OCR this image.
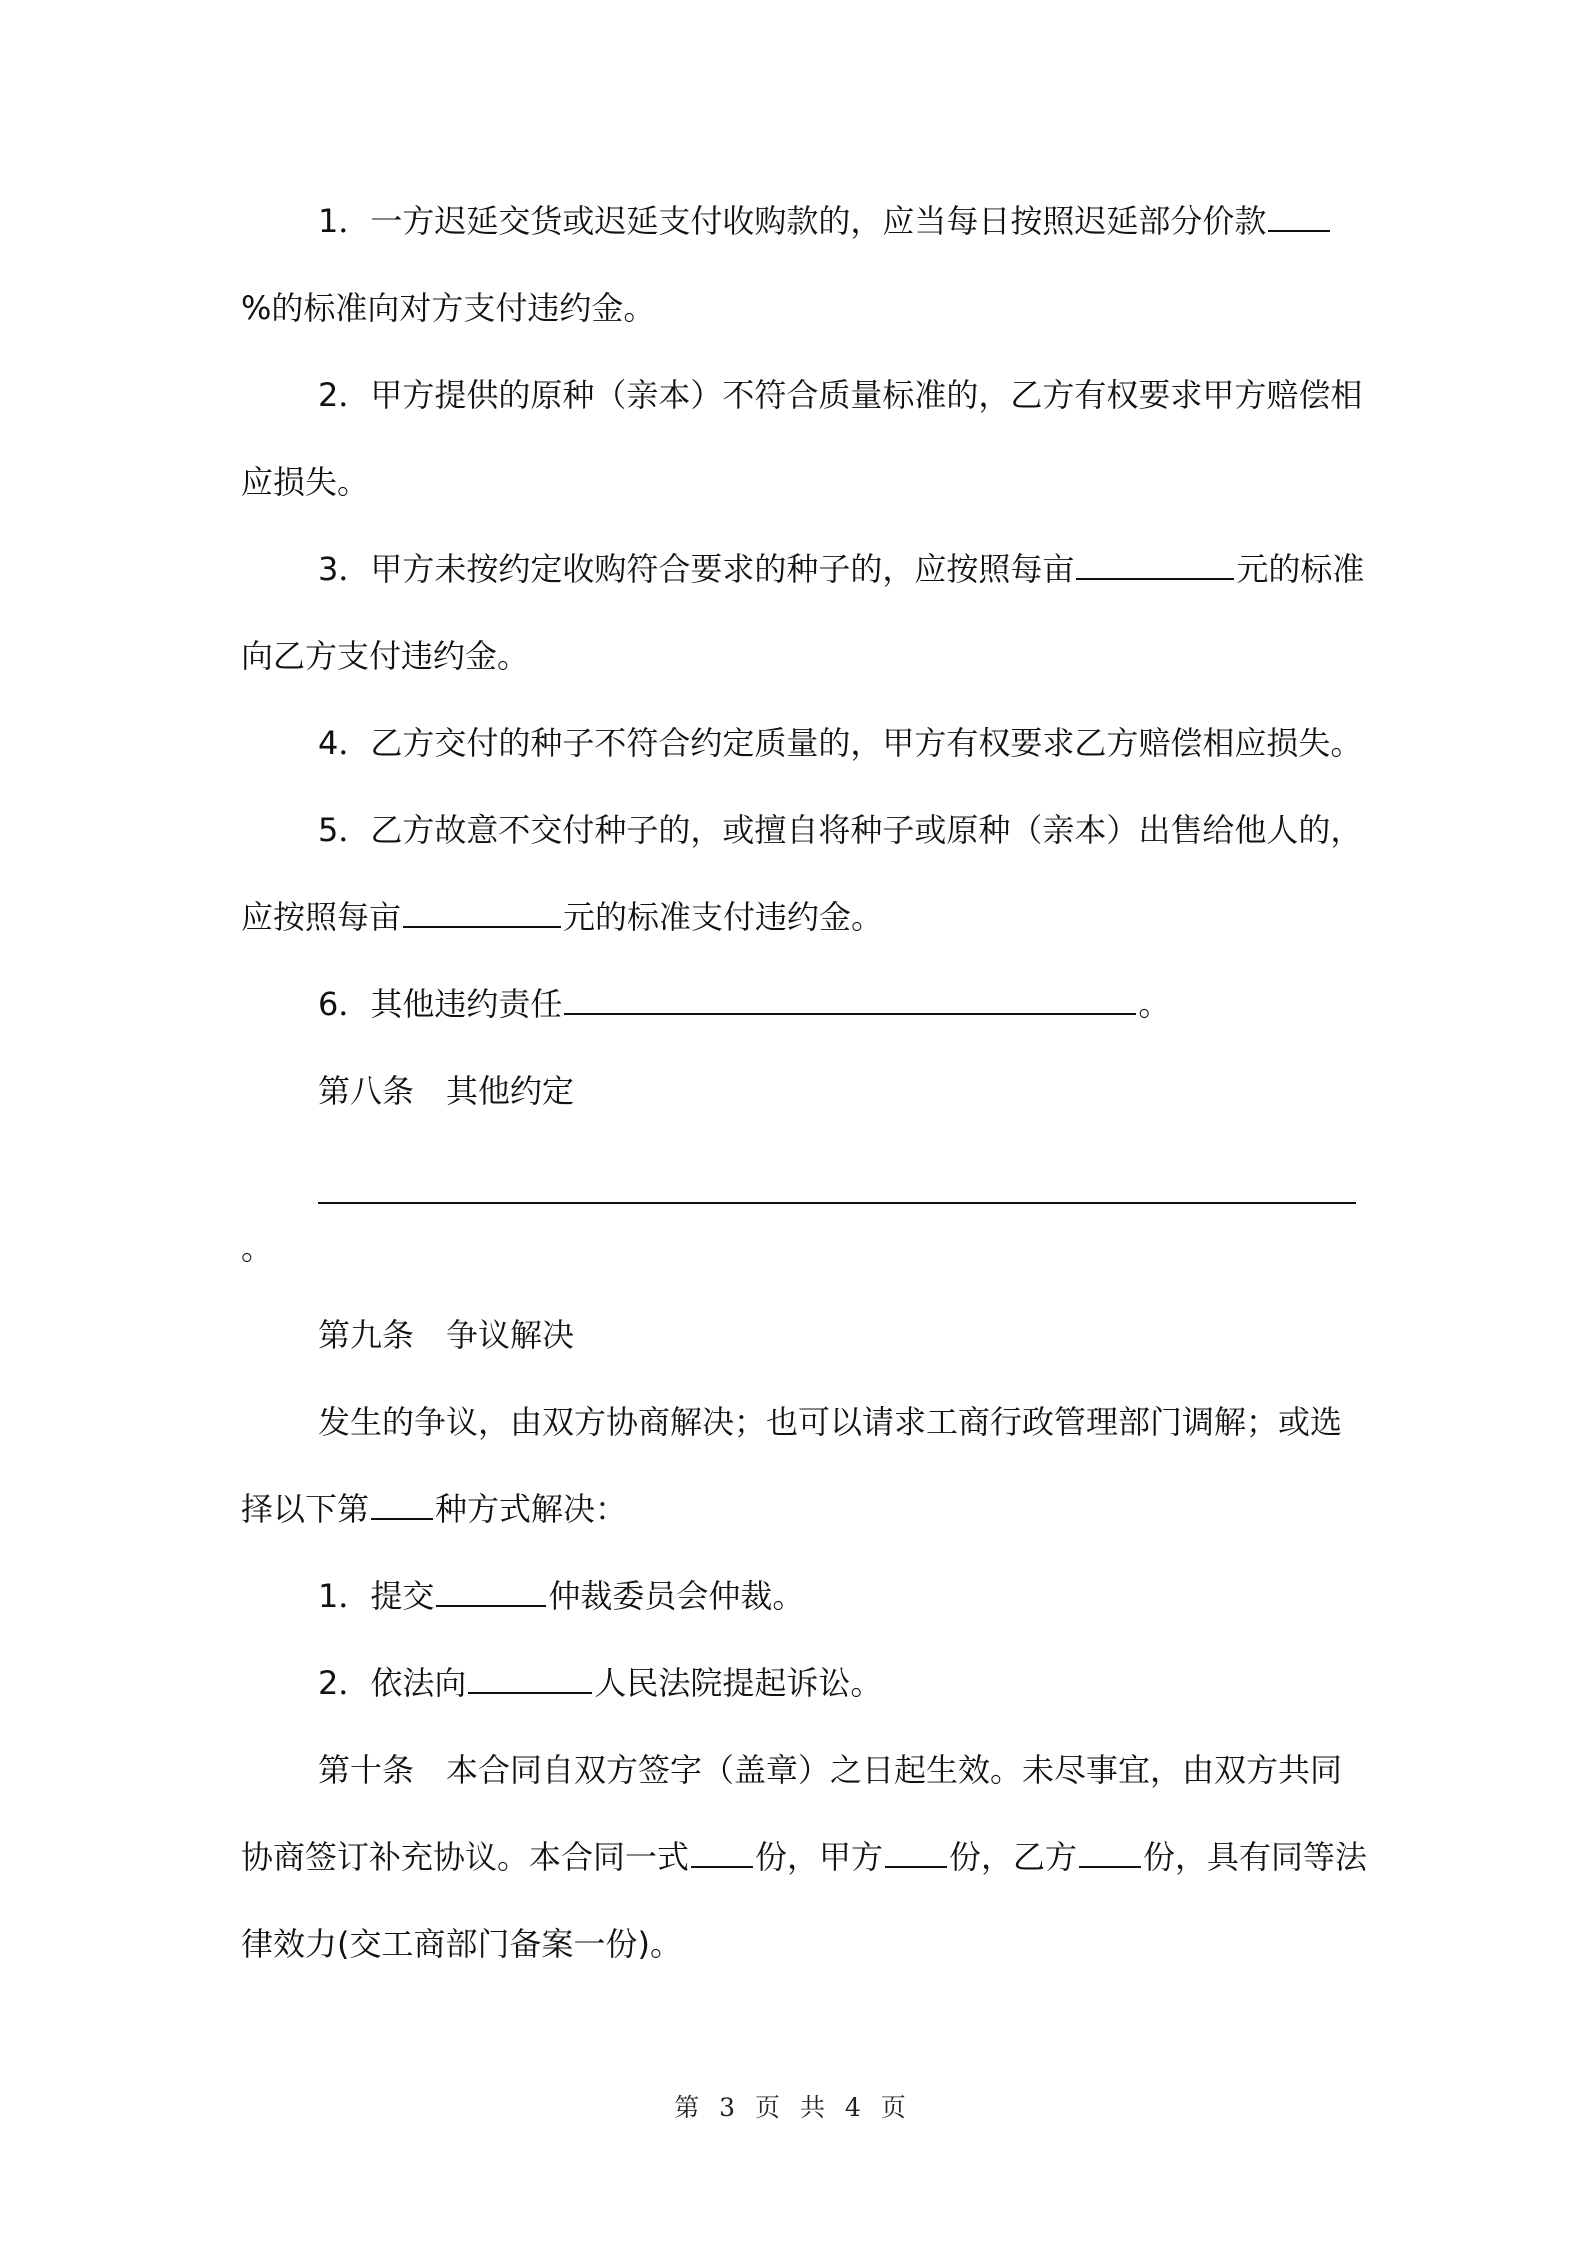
1．一方迟延交货或迟延支付收购款的，应当每日按照迟延部分价款
%的标准向对方支付违约金。
2．甲方提供的原种（亲本）不符合质量标准的，乙方有权要求甲方赔偿相
应损失。
3．甲方未按约定收购符合要求的种子的，应按照每亩	元的标准
向乙方支付违约金。
4．乙方交付的种子不符合约定质量的，甲方有权要求乙方赔偿相应损失。
5．乙方故意不交付种子的，或擅自将种子或原种（亲本）出售给他人的，
应按照每亩	元的标准支付违约金。
6．其他违约责任	。
第八条　其他约定
。
第九条　争议解决
发生的争议，由双方协商解决；也可以请求工商行政管理部门调解；或选
择以下第 种方式解决：
1．提交	仲裁委员会仲裁。
2．依法向	人民法院提起诉讼。
第十条　本合同自双方签字（盖章）之日起生效。未尽事宜，由双方共同
协商签订补充协议。本合同一式 份，甲方 份，乙方 份，具有同等法
律效力(交工商部门备案一份)。
第 3 页 共 4 页
